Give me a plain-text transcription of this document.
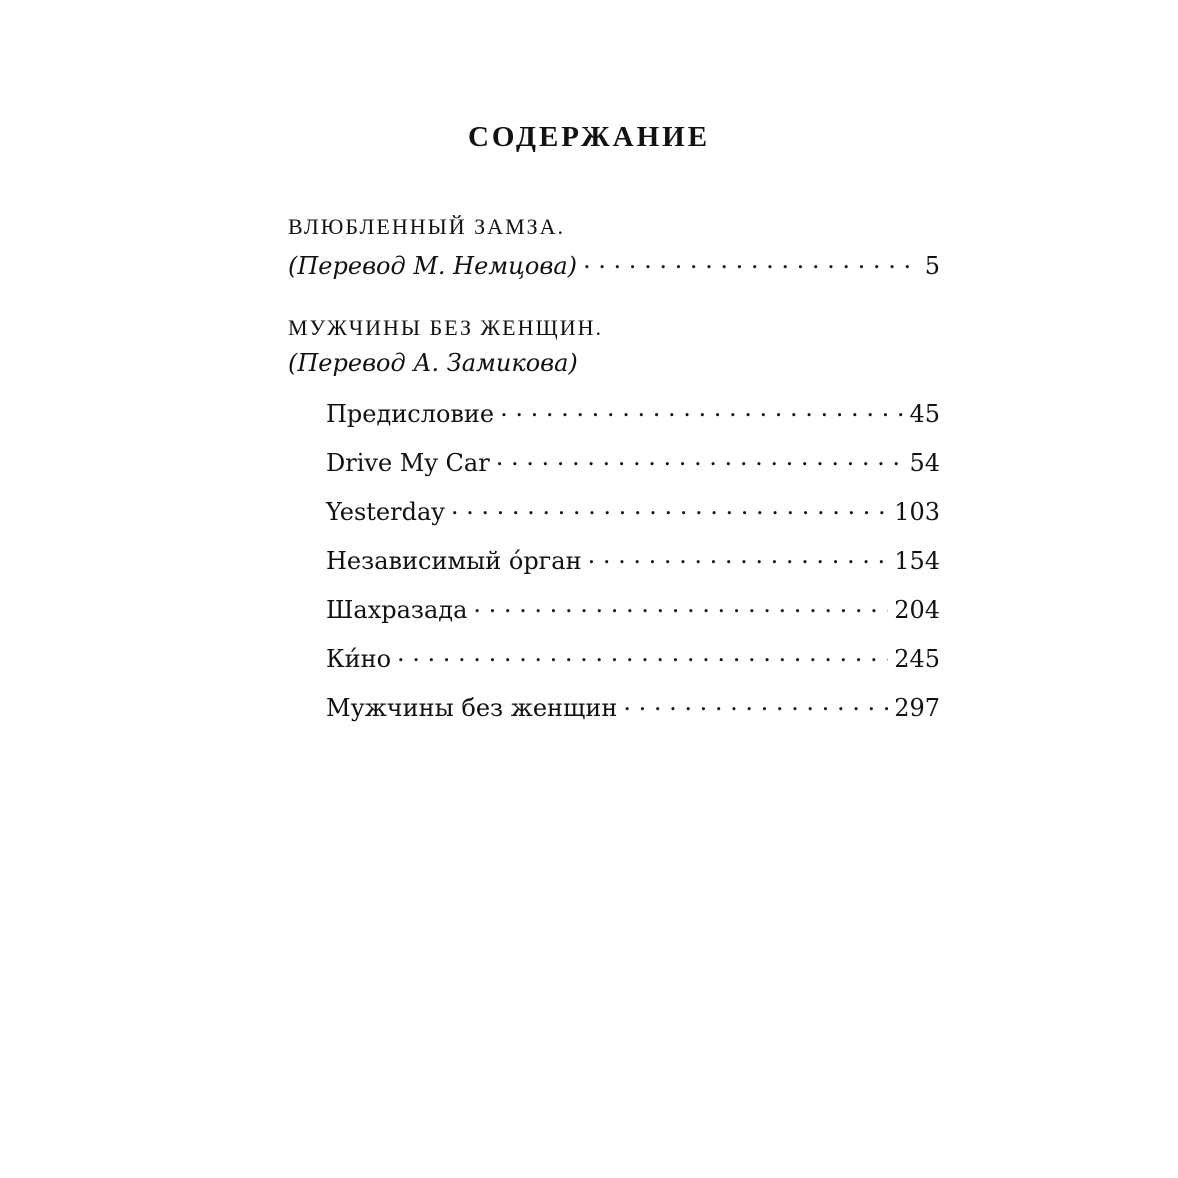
СОДЕРЖАНИЕ
ВЛЮБЛЕННЫЙ ЗАМЗА.
(Перевод М. Немцова) . . .	5
МУЖЧИНЫ БЕЗ ЖЕНЩИН.
(Перевод А. Замикова)
Предисловие . . .	45
Drive My Car . . .	54
Yesterday . . .	103
Независимый óрган . . .	154
Шахразада . . .	204
Ки́но . . .	245
Мужчины без женщин . . .	297
